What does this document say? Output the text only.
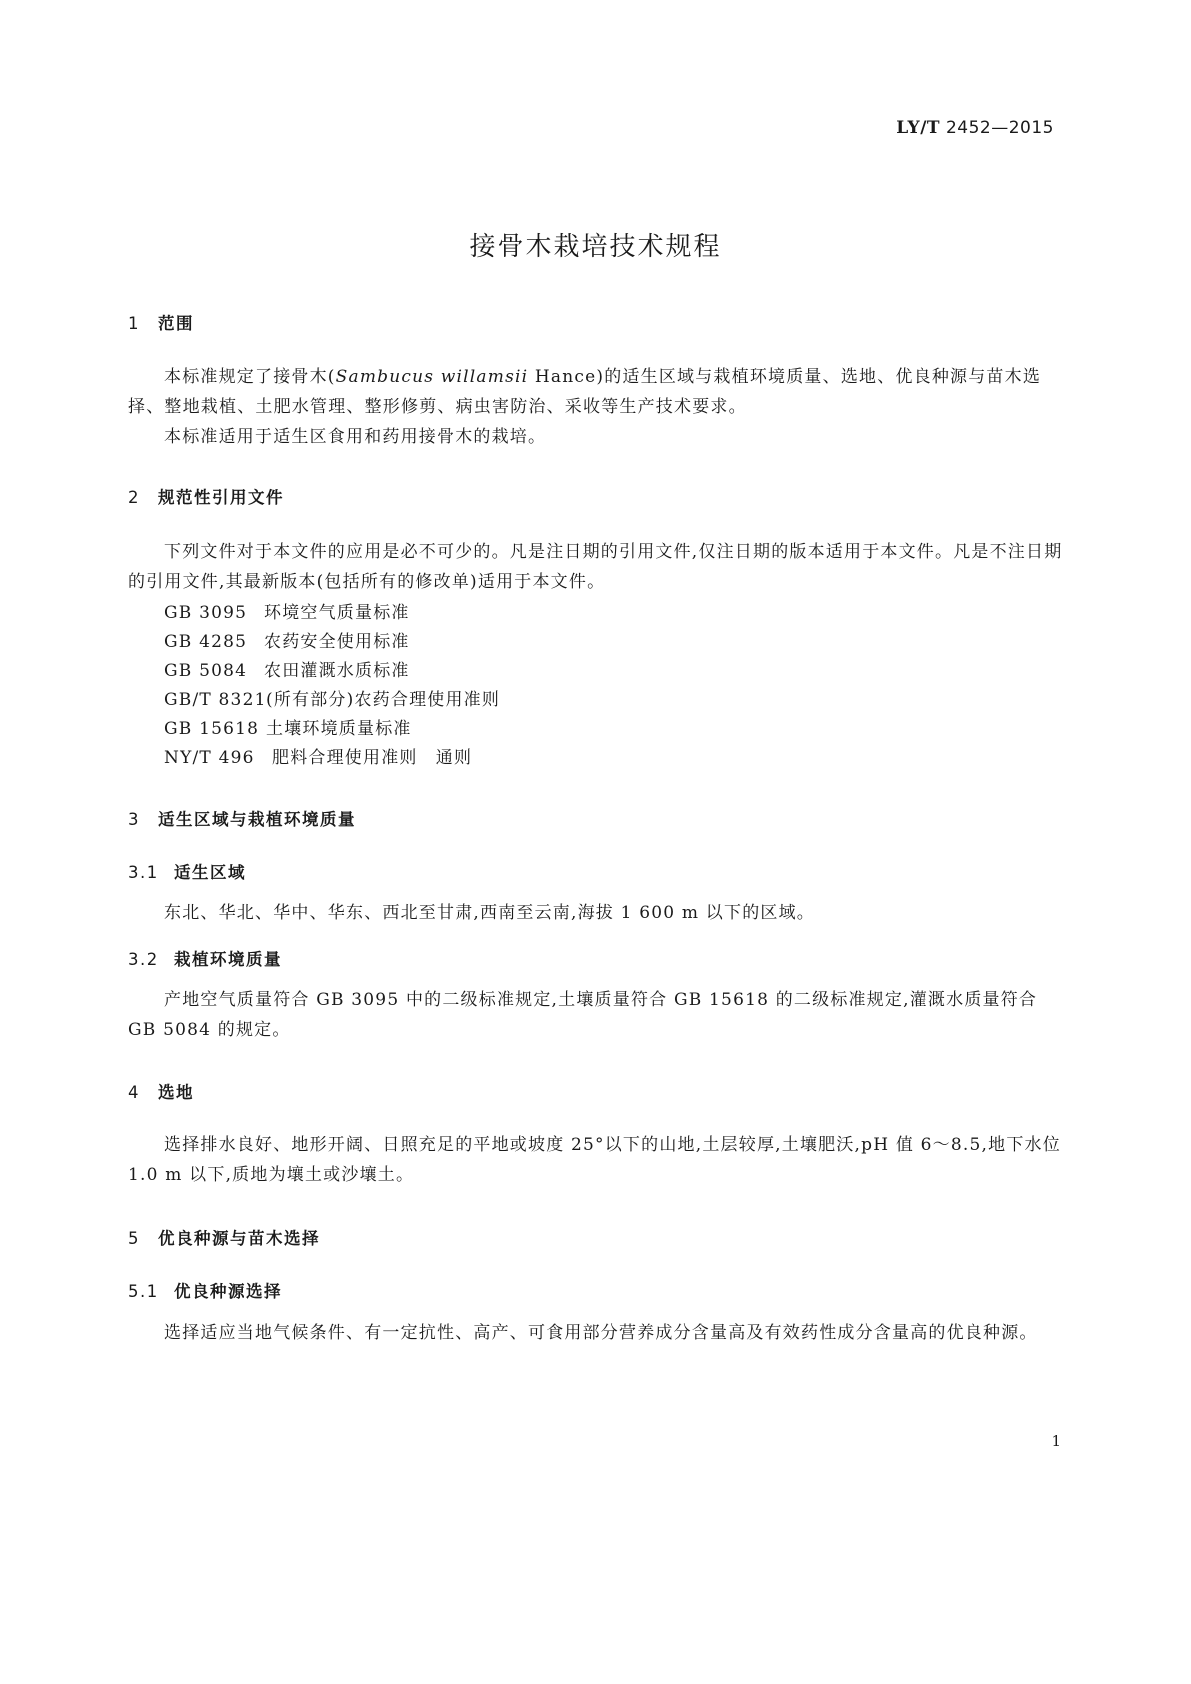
LY/T 2452—2015
接骨木栽培技术规程
1 范围
本标准规定了接骨木(Sambucus willamsii Hance)的适生区域与栽植环境质量、选地、优良种源与苗木选择、整地栽植、土肥水管理、整形修剪、病虫害防治、采收等生产技术要求。
本标准适用于适生区食用和药用接骨木的栽培。
2 规范性引用文件
下列文件对于本文件的应用是必不可少的。凡是注日期的引用文件,仅注日期的版本适用于本文件。凡是不注日期的引用文件,其最新版本(包括所有的修改单)适用于本文件。
GB 3095 环境空气质量标准
GB 4285 农药安全使用标准
GB 5084 农田灌溉水质标准
GB/T 8321(所有部分)农药合理使用准则
GB 15618 土壤环境质量标准
NY/T 496 肥料合理使用准则　通则
3 适生区域与栽植环境质量
3.1 适生区域
东北、华北、华中、华东、西北至甘肃,西南至云南,海拔 1 600 m 以下的区域。
3.2 栽植环境质量
产地空气质量符合 GB 3095 中的二级标准规定,土壤质量符合 GB 15618 的二级标准规定,灌溉水质量符合 GB 5084 的规定。
4 选地
选择排水良好、地形开阔、日照充足的平地或坡度 25°以下的山地,土层较厚,土壤肥沃,pH 值 6～8.5,地下水位 1.0 m 以下,质地为壤土或沙壤土。
5 优良种源与苗木选择
5.1 优良种源选择
选择适应当地气候条件、有一定抗性、高产、可食用部分营养成分含量高及有效药性成分含量高的优良种源。
1
